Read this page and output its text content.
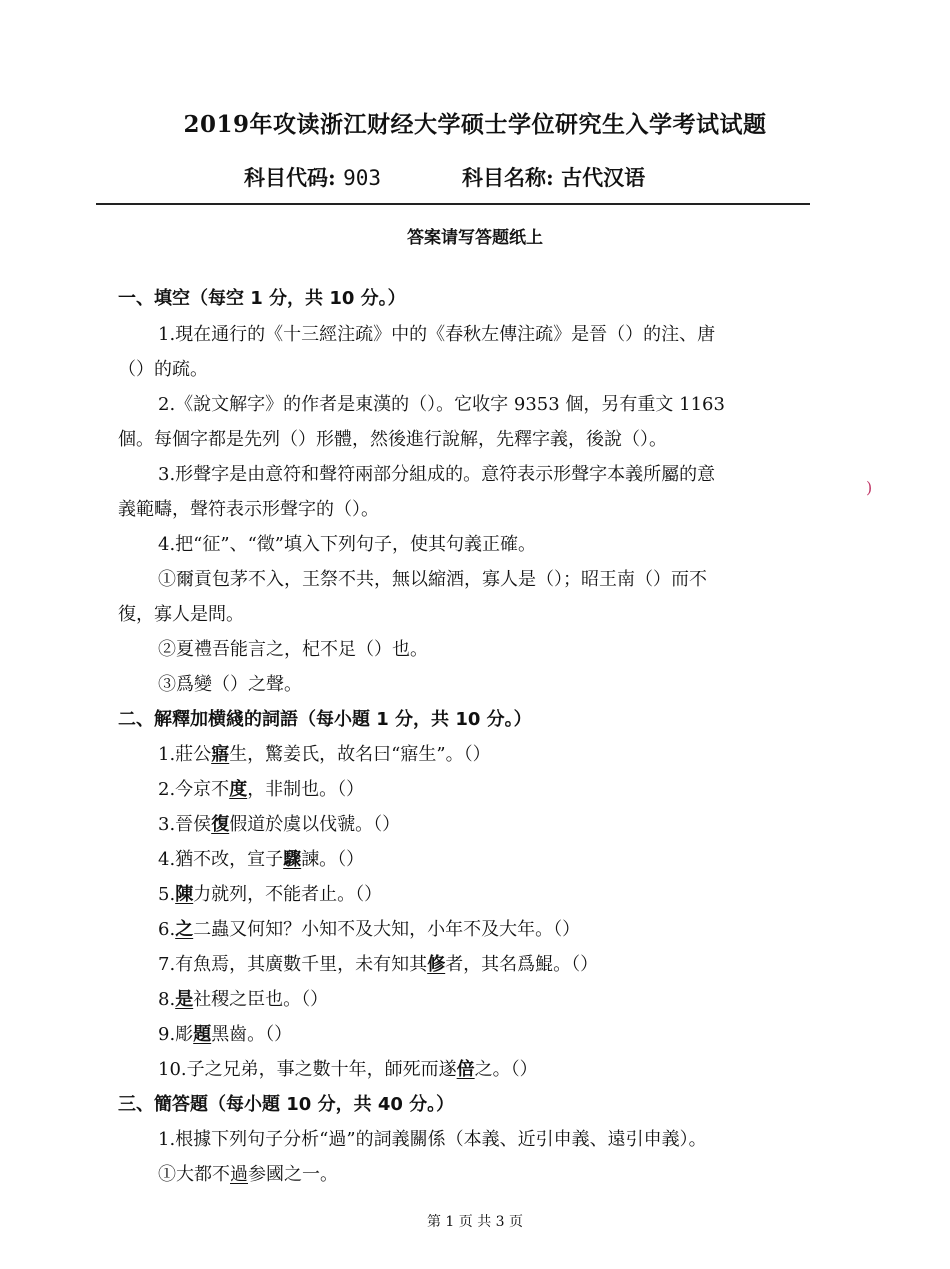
2019年攻读浙江财经大学硕士学位研究生入学考试试题
科目代码: 903	科目名称: 古代汉语
答案请写答题纸上
一、填空（每空 1 分，共 10 分。）
1.現在通行的《十三經注疏》中的《春秋左傳注疏》是晉（）的注、唐
（）的疏。
2.《說文解字》的作者是東漢的（）。它收字 9353 個，另有重文 1163
個。每個字都是先列（）形體，然後進行說解，先釋字義，後說（）。
3.形聲字是由意符和聲符兩部分組成的。意符表示形聲字本義所屬的意
義範疇，聲符表示形聲字的（）。
4.把“征”、“徵”填入下列句子，使其句義正確。
①爾貢包茅不入，王祭不共，無以縮酒，寡人是（）；昭王南（）而不
復，寡人是問。
②夏禮吾能言之，杞不足（）也。
③爲變（）之聲。
二、解釋加横綫的詞語（每小題 1 分，共 10 分。）
1.莊公寤生，驚姜氏，故名曰“寤生”。（）
2.今京不度，非制也。（）
3.晉侯復假道於虞以伐虢。（）
4.猶不改，宣子驟諫。（）
5.陳力就列，不能者止。（）
6.之二蟲又何知？小知不及大知，小年不及大年。（）
7.有魚焉，其廣數千里，未有知其修者，其名爲鯤。（）
8.是社稷之臣也。（）
9.彫題黑齒。（）
10.子之兄弟，事之數十年，師死而遂倍之。（）
三、簡答題（每小題 10 分，共 40 分。）
1.根據下列句子分析“過”的詞義關係（本義、近引申義、遠引申義）。
①大都不過参國之一。
)
第 1 页 共 3 页
